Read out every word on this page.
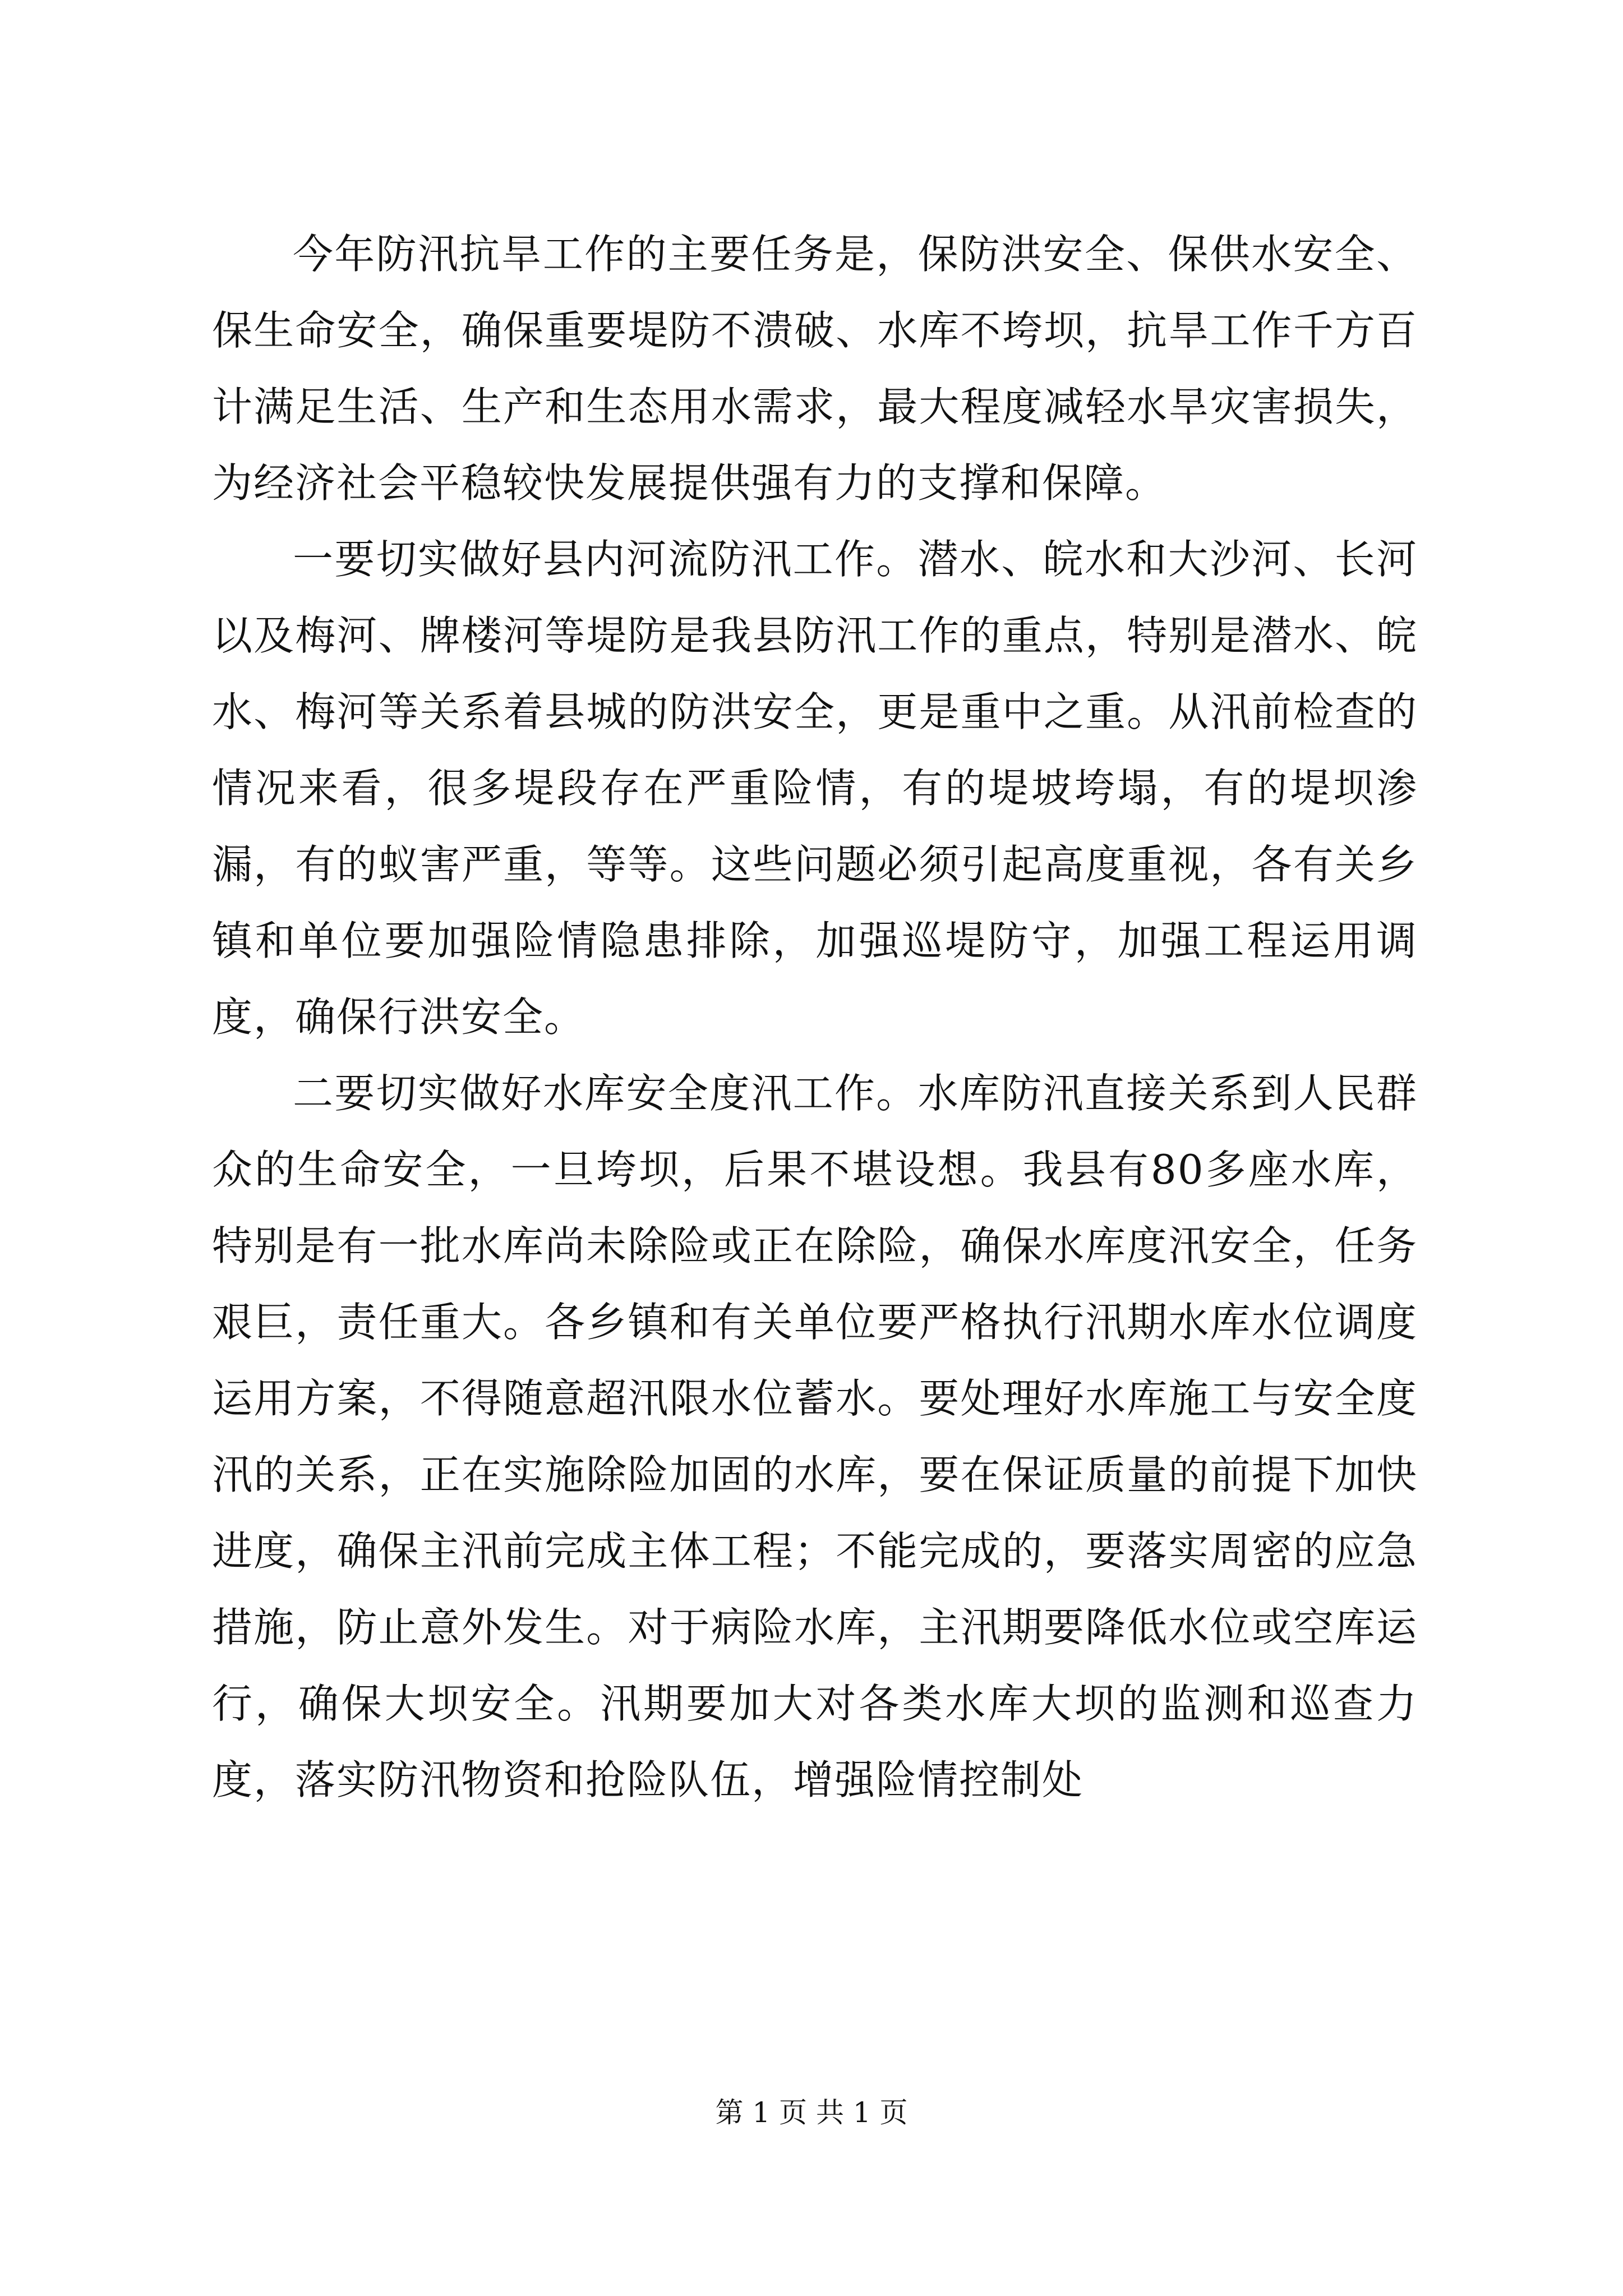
今年防汛抗旱工作的主要任务是，保防洪安全、保供水安全、保生命安全，确保重要堤防不溃破、水库不垮坝，抗旱工作千方百计满足生活、生产和生态用水需求，最大程度减轻水旱灾害损失，为经济社会平稳较快发展提供强有力的支撑和保障。

一要切实做好县内河流防汛工作。潜水、皖水和大沙河、长河以及梅河、牌楼河等堤防是我县防汛工作的重点，特别是潜水、皖水、梅河等关系着县城的防洪安全，更是重中之重。从汛前检查的情况来看，很多堤段存在严重险情，有的堤坡垮塌，有的堤坝渗漏，有的蚁害严重，等等。这些问题必须引起高度重视，各有关乡镇和单位要加强险情隐患排除，加强巡堤防守，加强工程运用调度，确保行洪安全。

二要切实做好水库安全度汛工作。水库防汛直接关系到人民群众的生命安全，一旦垮坝，后果不堪设想。我县有80多座水库，特别是有一批水库尚未除险或正在除险，确保水库度汛安全，任务艰巨，责任重大。各乡镇和有关单位要严格执行汛期水库水位调度运用方案，不得随意超汛限水位蓄水。要处理好水库施工与安全度汛的关系，正在实施除险加固的水库，要在保证质量的前提下加快进度，确保主汛前完成主体工程；不能完成的，要落实周密的应急措施，防止意外发生。对于病险水库，主汛期要降低水位或空库运行，确保大坝安全。汛期要加大对各类水库大坝的监测和巡查力度，落实防汛物资和抢险队伍，增强险情控制处

第 1 页 共 1 页
